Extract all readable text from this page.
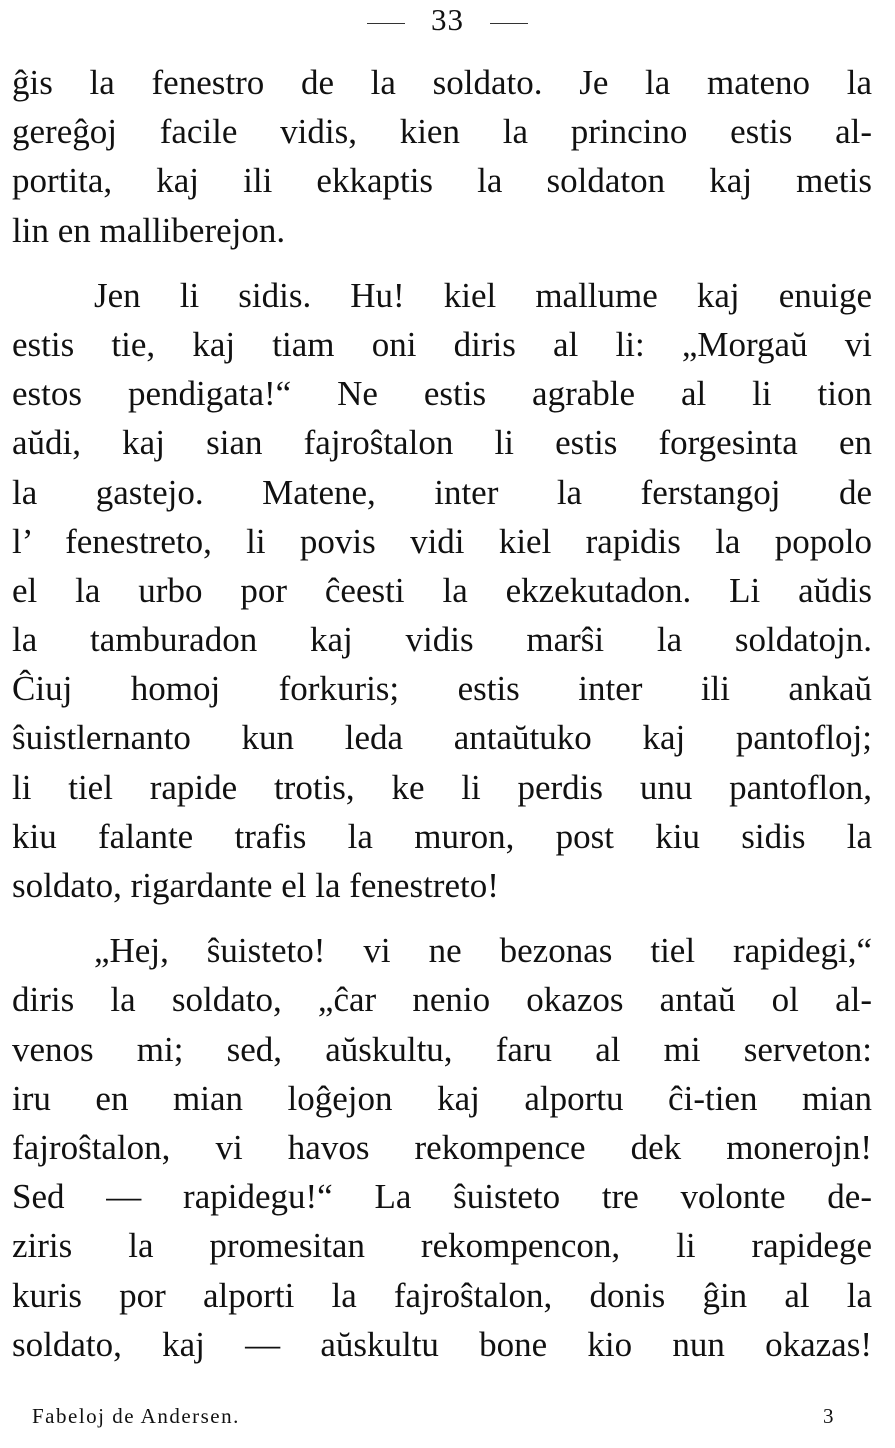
33
ĝis la fenestro de la soldato. Je la mateno la
gereĝoj facile vidis, kien la princino estis al-
portita, kaj ili ekkaptis la soldaton kaj metis
lin en malliberejon.
Jen li sidis. Hu! kiel mallume kaj enuige
estis tie, kaj tiam oni diris al li: „Morgaŭ vi
estos pendigata!“ Ne estis agrable al li tion
aŭdi, kaj sian fajroŝtalon li estis forgesinta en
la gastejo. Matene, inter la ferstangoj de
l’ fenestreto, li povis vidi kiel rapidis la popolo
el la urbo por ĉeesti la ekzekutadon. Li aŭdis
la tamburadon kaj vidis marŝi la soldatojn.
Ĉiuj homoj forkuris; estis inter ili ankaŭ
ŝuistlernanto kun leda antaŭtuko kaj pantofloj;
li tiel rapide trotis, ke li perdis unu pantoflon,
kiu falante trafis la muron, post kiu sidis la
soldato, rigardante el la fenestreto!
„Hej, ŝuisteto! vi ne bezonas tiel rapidegi,“
diris la soldato, „ĉar nenio okazos antaŭ ol al-
venos mi; sed, aŭskultu, faru al mi serveton:
iru en mian loĝejon kaj alportu ĉi-tien mian
fajroŝtalon, vi havos rekompence dek monerojn!
Sed — rapidegu!“ La ŝuisteto tre volonte de-
ziris la promesitan rekompencon, li rapidege
kuris por alporti la fajroŝtalon, donis ĝin al la
soldato, kaj — aŭskultu bone kio nun okazas!
Fabeloj de Andersen.	3
